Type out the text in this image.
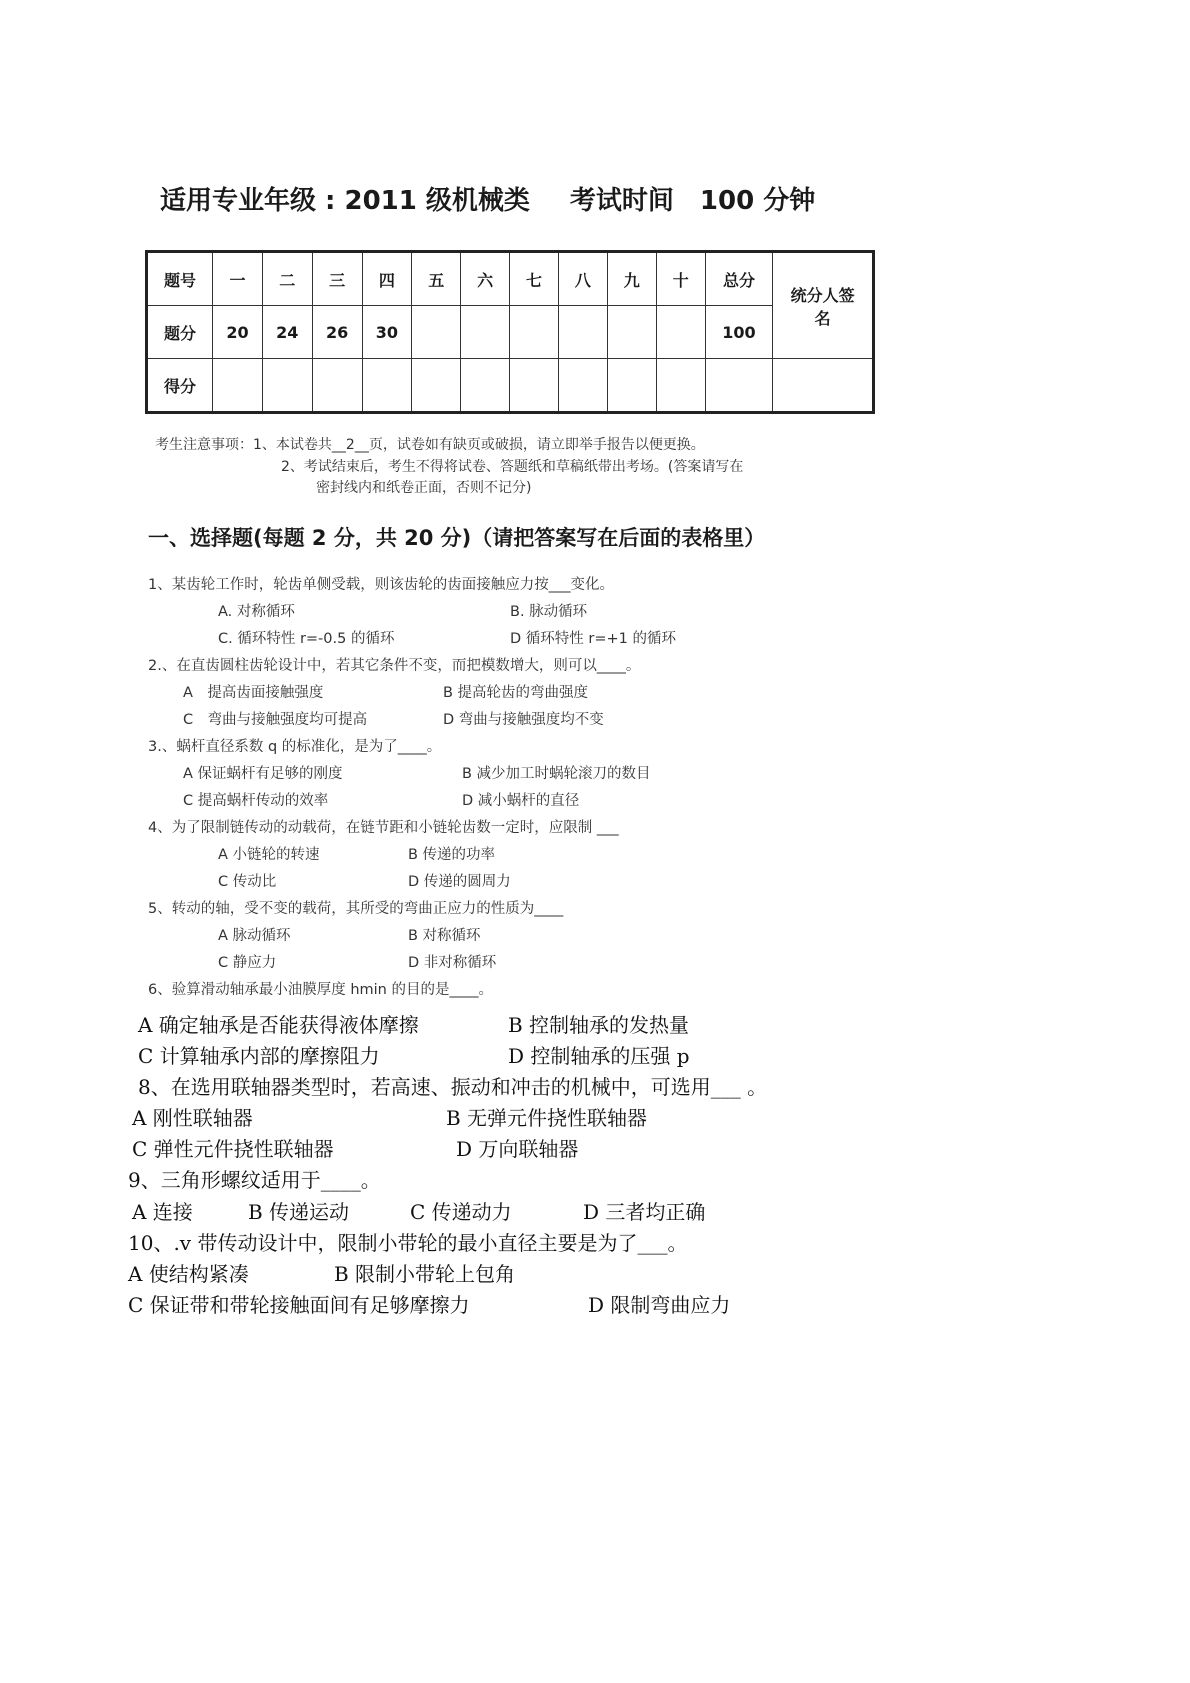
适用专业年级 : 2011 级机械类 考试时间　100 分钟
题号	一	二	三	四	五	六	七	八	九	十	总分	统分人签名
题分	20	24	26	30							100	
得分												
考生注意事项：1、本试卷共__2__页，试卷如有缺页或破损，请立即举手报告以便更换。
2、考试结束后，考生不得将试卷、答题纸和草稿纸带出考场。(答案请写在
密封线内和纸卷正面，否则不记分)
一、选择题(每题 2 分，共 20 分)（请把答案写在后面的表格里）
1、某齿轮工作时，轮齿单侧受载，则该齿轮的齿面接触应力按___变化。
A. 对称循环	B. 脉动循环
C. 循环特性 r=-0.5 的循环	D 循环特性 r=+1 的循环
2.、在直齿圆柱齿轮设计中，若其它条件不变，而把模数增大，则可以____。
A　提高齿面接触强度	B 提高轮齿的弯曲强度
C　弯曲与接触强度均可提高	D 弯曲与接触强度均不变
3.、蜗杆直径系数 q 的标准化，是为了____。
A 保证蜗杆有足够的刚度	B 减少加工时蜗轮滚刀的数目
C 提高蜗杆传动的效率	D 减小蜗杆的直径
4、为了限制链传动的动载荷，在链节距和小链轮齿数一定时，应限制 ___
A 小链轮的转速	B 传递的功率
C 传动比	D 传递的圆周力
5、转动的轴，受不变的载荷，其所受的弯曲正应力的性质为____
A 脉动循环	B 对称循环
C 静应力	D 非对称循环
6、验算滑动轴承最小油膜厚度 hmin 的目的是____。
A 确定轴承是否能获得液体摩擦	B 控制轴承的发热量
C 计算轴承内部的摩擦阻力	D 控制轴承的压强 p
8、在选用联轴器类型时，若高速、振动和冲击的机械中，可选用___ 。
A 刚性联轴器	B 无弹元件挠性联轴器
C 弹性元件挠性联轴器	D 万向联轴器
9、三角形螺纹适用于____。
A 连接	B 传递运动	C 传递动力	D 三者均正确
10、.v 带传动设计中，限制小带轮的最小直径主要是为了___。
A 使结构紧凑	B 限制小带轮上包角
C 保证带和带轮接触面间有足够摩擦力	D 限制弯曲应力
